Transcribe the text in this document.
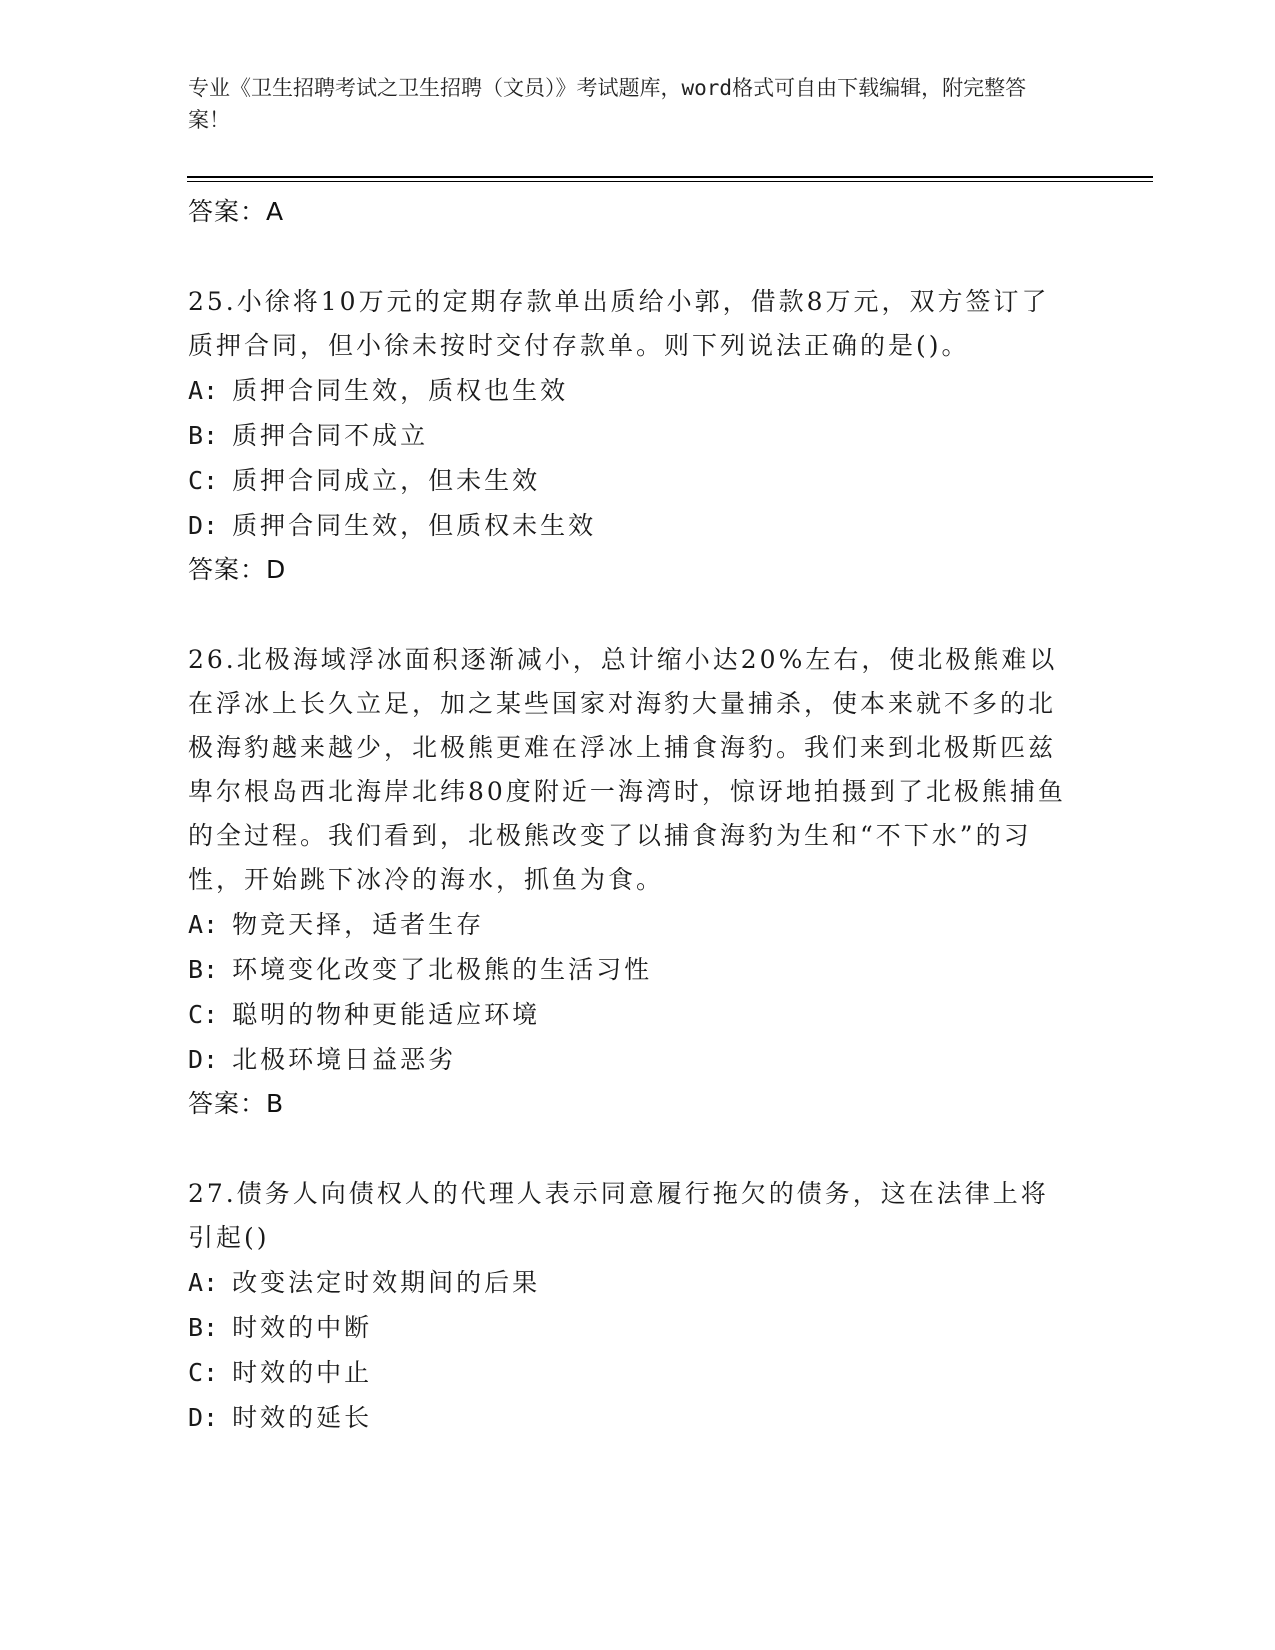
专业《卫生招聘考试之卫生招聘（文员）》考试题库，word格式可自由下载编辑，附完整答案！
答案：A
25.小徐将10万元的定期存款单出质给小郭，借款8万元，双方签订了质押合同，但小徐未按时交付存款单。则下列说法正确的是()。
A: 质押合同生效，质权也生效
B: 质押合同不成立
C: 质押合同成立，但未生效
D: 质押合同生效，但质权未生效
答案：D
26.北极海域浮冰面积逐渐减小，总计缩小达20%左右，使北极熊难以在浮冰上长久立足，加之某些国家对海豹大量捕杀，使本来就不多的北极海豹越来越少，北极熊更难在浮冰上捕食海豹。我们来到北极斯匹兹卑尔根岛西北海岸北纬80度附近一海湾时，惊讶地拍摄到了北极熊捕鱼的全过程。我们看到，北极熊改变了以捕食海豹为生和“不下水”的习性，开始跳下冰冷的海水，抓鱼为食。
A: 物竞天择，适者生存
B: 环境变化改变了北极熊的生活习性
C: 聪明的物种更能适应环境
D: 北极环境日益恶劣
答案：B
27.债务人向债权人的代理人表示同意履行拖欠的债务，这在法律上将引起()
A: 改变法定时效期间的后果
B: 时效的中断
C: 时效的中止
D: 时效的延长
